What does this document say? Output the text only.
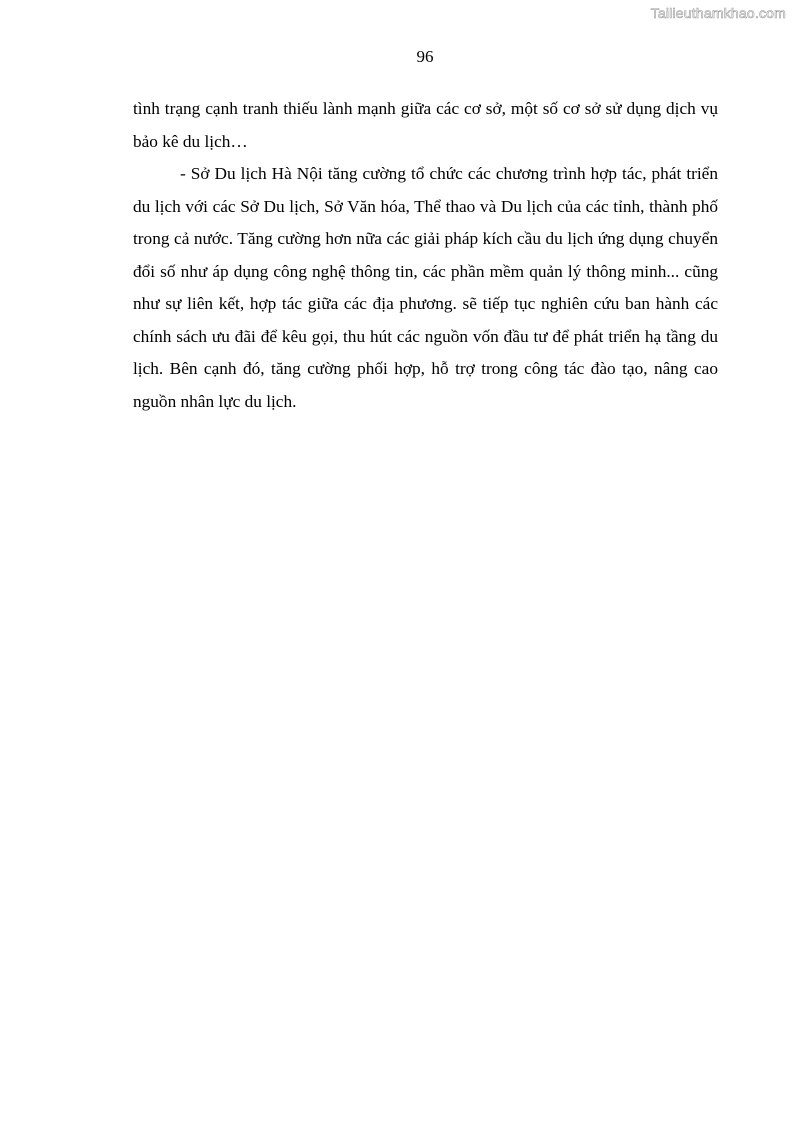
Tailieuthamkhao.com
96

tình trạng cạnh tranh thiếu lành mạnh giữa các cơ sở, một số cơ sở sử dụng dịch vụ bảo kê du lịch…

- Sở Du lịch Hà Nội tăng cường tổ chức các chương trình hợp tác, phát triển du lịch với các Sở Du lịch, Sở Văn hóa, Thể thao và Du lịch của các tỉnh, thành phố trong cả nước. Tăng cường hơn nữa các giải pháp kích cầu du lịch ứng dụng chuyển đổi số như áp dụng công nghệ thông tin, các phần mềm quản lý thông minh... cũng như sự liên kết, hợp tác giữa các địa phương. sẽ tiếp tục nghiên cứu ban hành các chính sách ưu đãi để kêu gọi, thu hút các nguồn vốn đầu tư để phát triển hạ tầng du lịch. Bên cạnh đó, tăng cường phối hợp, hỗ trợ trong công tác đào tạo, nâng cao nguồn nhân lực du lịch.
